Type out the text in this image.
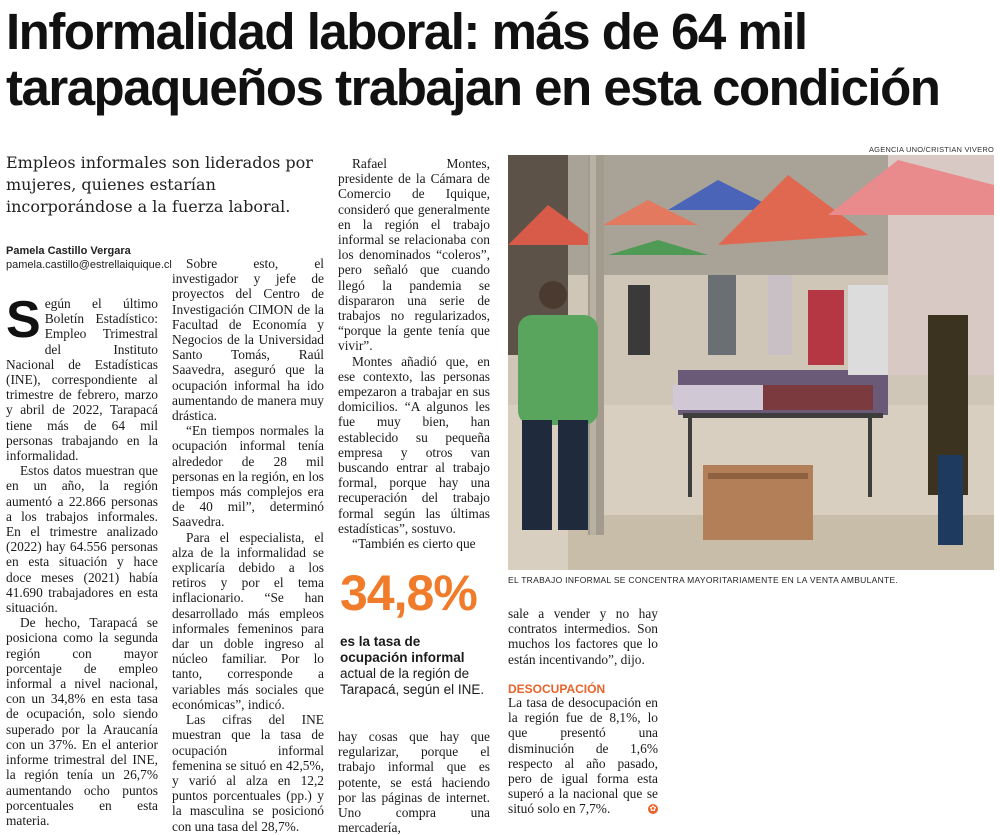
Informalidad laboral: más de 64 mil tarapaqueños trabajan en esta condición

Empleos informales son liderados por mujeres, quienes estarían incorporándose a la fuerza laboral.

Pamela Castillo Vergara
pamela.castillo@estrellaiquique.cl

Según el último Boletín Estadístico: Empleo Trimestral del Instituto Nacional de Estadísticas (INE), correspondiente al trimestre de febrero, marzo y abril de 2022, Tarapacá tiene más de 64 mil personas trabajando en la informalidad.

Estos datos muestran que en un año, la región aumentó a 22.866 personas a los trabajos informales. En el trimestre analizado (2022) hay 64.556 personas en esta situación y hace doce meses (2021) había 41.690 trabajadores en esta situación.

De hecho, Tarapacá se posiciona como la segunda región con mayor porcentaje de empleo informal a nivel nacional, con un 34,8% en esta tasa de ocupación, solo siendo superado por la Araucanía con un 37%. En el anterior informe trimestral del INE, la región tenía un 26,7% aumentando ocho puntos porcentuales en esta materia.

Sobre esto, el investigador y jefe de proyectos del Centro de Investigación CIMON de la Facultad de Economía y Negocios de la Universidad Santo Tomás, Raúl Saavedra, aseguró que la ocupación informal ha ido aumentando de manera muy drástica.

“En tiempos normales la ocupación informal tenía alrededor de 28 mil personas en la región, en los tiempos más complejos era de 40 mil”, determinó Saavedra.

Para el especialista, el alza de la informalidad se explicaría debido a los retiros y por el tema inflacionario. “Se han desarrollado más empleos informales femeninos para dar un doble ingreso al núcleo familiar. Por lo tanto, corresponde a variables más sociales que económicas”, indicó.

Las cifras del INE muestran que la tasa de ocupación informal femenina se situó en 42,5%, y varió al alza en 12,2 puntos porcentuales (pp.) y la masculina se posicionó con una tasa del 28,7%.

Rafael Montes, presidente de la Cámara de Comercio de Iquique, consideró que generalmente en la región el trabajo informal se relacionaba con los denominados “coleros”, pero señaló que cuando llegó la pandemia se dispararon una serie de trabajos no regularizados, “porque la gente tenía que vivir”.

Montes añadió que, en ese contexto, las personas empezaron a trabajar en sus domicilios. “A algunos les fue muy bien, han establecido su pequeña empresa y otros van buscando entrar al trabajo formal, porque hay una recuperación del trabajo formal según las últimas estadísticas”, sostuvo.

“También es cierto que

34,8%
es la tasa de ocupación informal actual de la región de Tarapacá, según el INE.

hay cosas que hay que regularizar, porque el trabajo informal que es potente, se está haciendo por las páginas de internet. Uno compra una mercadería,

AGENCIA UNO/CRISTIAN VIVERO
EL TRABAJO INFORMAL SE CONCENTRA MAYORITARIAMENTE EN LA VENTA AMBULANTE.

sale a vender y no hay contratos intermedios. Son muchos los factores que lo están incentivando”, dijo.

DESOCUPACIÓN

La tasa de desocupación en la región fue de 8,1%, lo que presentó una disminución de 1,6% respecto al año pasado, pero de igual forma esta superó a la nacional que se situó solo en 7,7%.	✿
